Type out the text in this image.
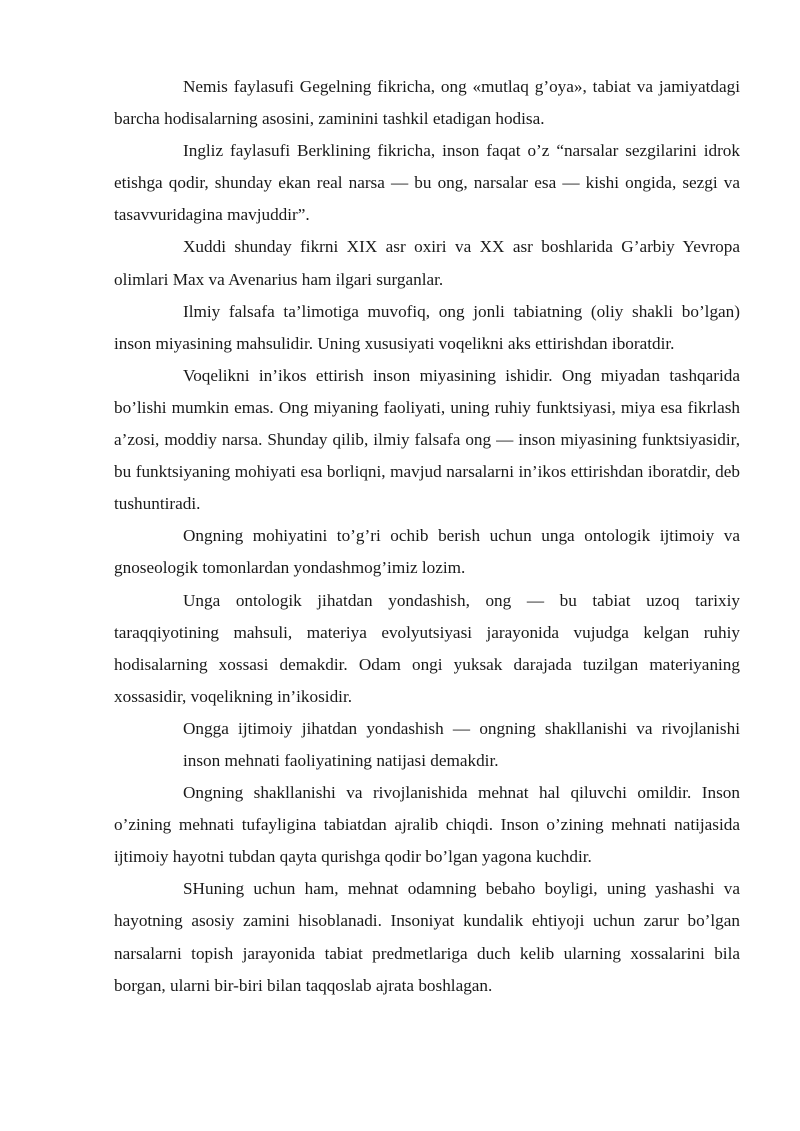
Nemis faylasufi Gegelning fikricha, ong «mutlaq g’oya», tabiat va jamiyatdagi barcha hodisalarning asosini, zaminini tashkil etadigan hodisa.

Ingliz faylasufi Berklining fikricha, inson faqat o’z “narsalar sezgilarini idrok etishga qodir, shunday ekan real narsa — bu ong, narsalar esa — kishi ongida, sezgi va tasavvuridagina mavjuddir”.

Xuddi shunday fikrni XIX asr oxiri va XX asr boshlarida G’arbiy Yevropa olimlari Max va Avenarius ham ilgari surganlar.

Ilmiy falsafa ta’limotiga muvofiq, ong jonli tabiatning (oliy shakli bo’lgan) inson miyasining mahsulidir. Uning xususiyati voqelikni aks ettirishdan iboratdir.

Voqelikni in’ikos ettirish inson miyasining ishidir. Ong miyadan tashqarida bo’lishi mumkin emas. Ong miyaning faoliyati, uning ruhiy funktsiyasi, miya esa fikrlash a’zosi, moddiy narsa. Shunday qilib, ilmiy falsafa ong — inson miyasining funktsiyasidir, bu funktsiyaning mohiyati esa borliqni, mavjud narsalarni in’ikos ettirishdan iboratdir, deb tushuntiradi.

Ongning mohiyatini to’g’ri ochib berish uchun unga ontologik ijtimoiy va gnoseologik tomonlardan yondashmog’imiz lozim.

Unga ontologik jihatdan yondashish, ong — bu tabiat uzoq tarixiy taraqqiyotining mahsuli, materiya evolyutsiyasi jarayonida vujudga kelgan ruhiy hodisalarning xossasi demakdir. Odam ongi yuksak darajada tuzilgan materiyaning xossasidir, voqelikning in’ikosidir.

Ongga ijtimoiy jihatdan yondashish — ongning shakllanishi va rivojlanishi inson mehnati faoliyatining natijasi demakdir.

Ongning shakllanishi va rivojlanishida mehnat hal qiluvchi omildir. Inson o’zining mehnati tufayligina tabiatdan ajralib chiqdi. Inson o’zining mehnati natijasida ijtimoiy hayotni tubdan qayta qurishga qodir bo’lgan yagona kuchdir.

SHuning uchun ham, mehnat odamning bebaho boyligi, uning yashashi va hayotning asosiy zamini hisoblanadi. Insoniyat kundalik ehtiyoji uchun zarur bo’lgan narsalarni topish jarayonida tabiat predmetlariga duch kelib ularning xossalarini bila borgan, ularni bir-biri bilan taqqoslab ajrata boshlagan.
